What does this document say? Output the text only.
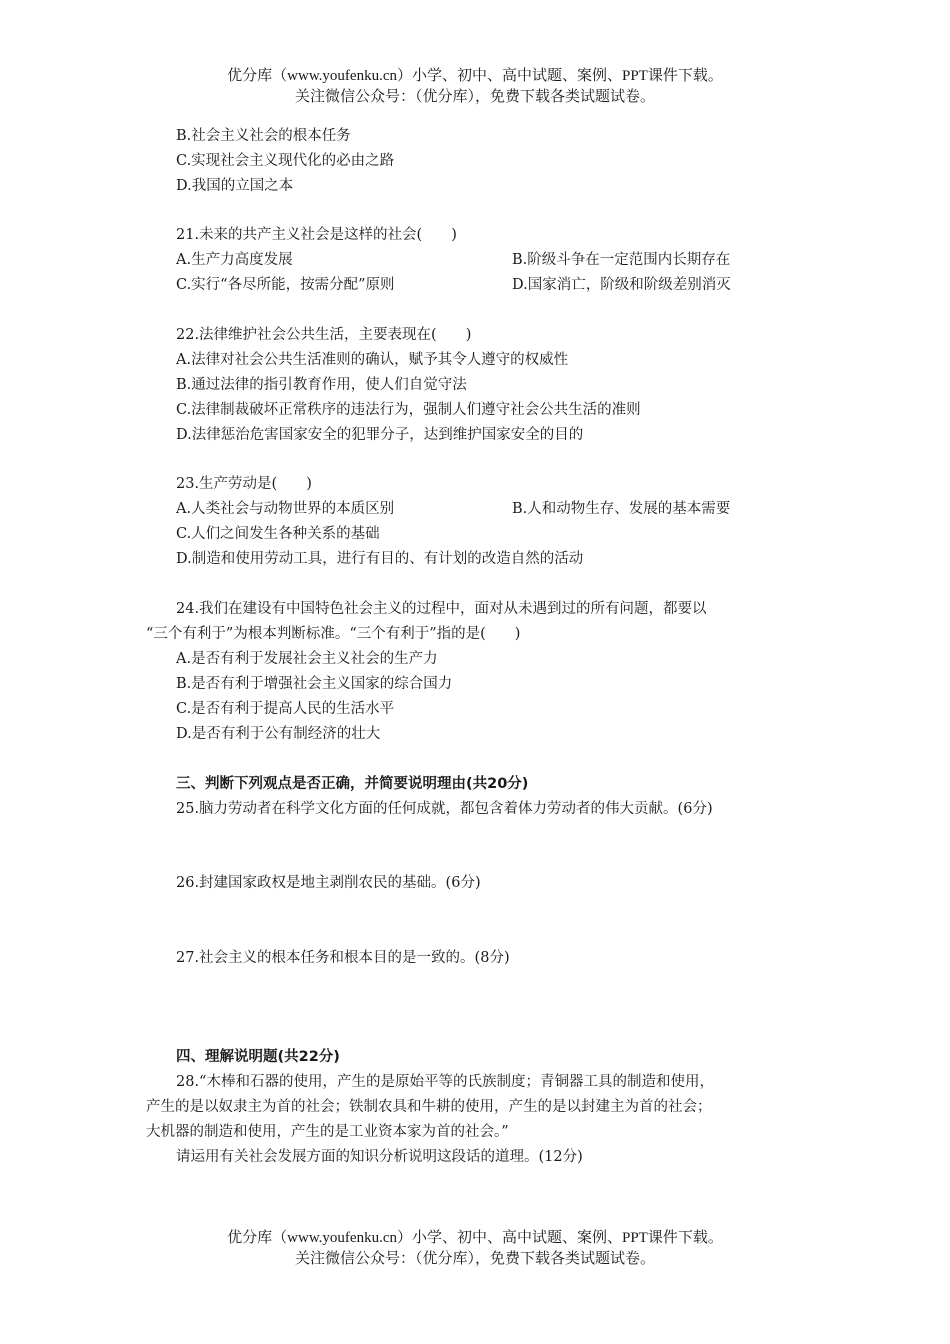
优分库（www.youfenku.cn）小学、初中、高中试题、案例、PPT课件下载。
关注微信公众号：（优分库），免费下载各类试题试卷。
B.社会主义社会的根本任务
C.实现社会主义现代化的必由之路
D.我国的立国之本
21.未来的共产主义社会是这样的社会(　　)
A.生产力高度发展	B.阶级斗争在一定范围内长期存在
C.实行“各尽所能，按需分配”原则	D.国家消亡，阶级和阶级差别消灭
22.法律维护社会公共生活，主要表现在(　　)
A.法律对社会公共生活准则的确认，赋予其令人遵守的权威性
B.通过法律的指引教育作用，使人们自觉守法
C.法律制裁破坏正常秩序的违法行为，强制人们遵守社会公共生活的准则
D.法律惩治危害国家安全的犯罪分子，达到维护国家安全的目的
23.生产劳动是(　　)
A.人类社会与动物世界的本质区别	B.人和动物生存、发展的基本需要
C.人们之间发生各种关系的基础
D.制造和使用劳动工具，进行有目的、有计划的改造自然的活动
24.我们在建设有中国特色社会主义的过程中，面对从未遇到过的所有问题，都要以
“三个有利于”为根本判断标准。“三个有利于”指的是(　　)
A.是否有利于发展社会主义社会的生产力
B.是否有利于增强社会主义国家的综合国力
C.是否有利于提高人民的生活水平
D.是否有利于公有制经济的壮大
三、判断下列观点是否正确，并简要说明理由(共20分)
25.脑力劳动者在科学文化方面的任何成就，都包含着体力劳动者的伟大贡献。(6分)
26.封建国家政权是地主剥削农民的基础。(6分)
27.社会主义的根本任务和根本目的是一致的。(8分)
四、理解说明题(共22分)
28.“木棒和石器的使用，产生的是原始平等的氏族制度；青铜器工具的制造和使用，
产生的是以奴隶主为首的社会；铁制农具和牛耕的使用，产生的是以封建主为首的社会；
大机器的制造和使用，产生的是工业资本家为首的社会。”
请运用有关社会发展方面的知识分析说明这段话的道理。(12分)
优分库（www.youfenku.cn）小学、初中、高中试题、案例、PPT课件下载。
关注微信公众号：（优分库），免费下载各类试题试卷。
